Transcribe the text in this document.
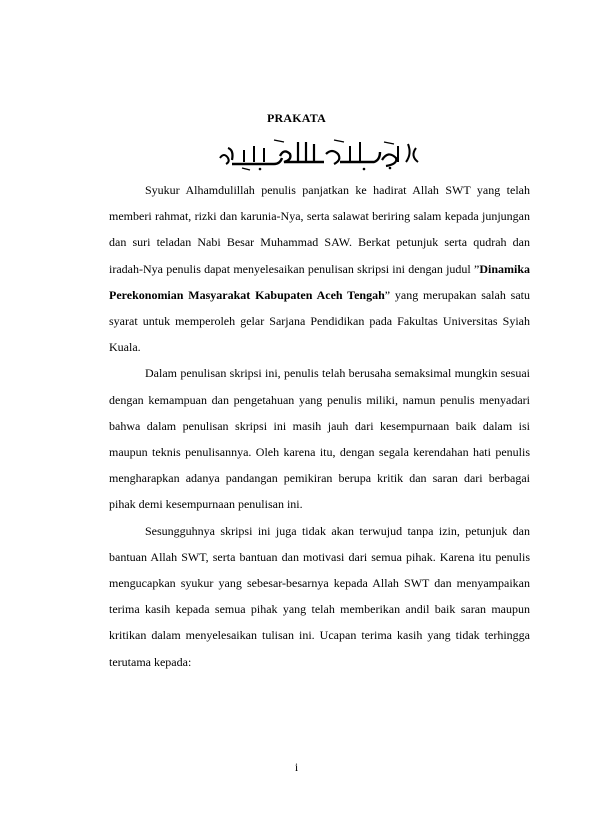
PRAKATA

Syukur Alhamdulillah penulis panjatkan ke hadirat Allah SWT yang telah memberi rahmat, rizki dan karunia-Nya, serta salawat beriring salam kepada junjungan dan suri teladan Nabi Besar Muhammad SAW. Berkat petunjuk serta qudrah dan iradah-Nya penulis dapat menyelesaikan penulisan skripsi ini dengan judul ”Dinamika Perekonomian Masyarakat Kabupaten Aceh Tengah” yang merupakan salah satu syarat untuk memperoleh gelar Sarjana Pendidikan pada Fakultas Universitas Syiah Kuala.

Dalam penulisan skripsi ini, penulis telah berusaha semaksimal mungkin sesuai dengan kemampuan dan pengetahuan yang penulis miliki, namun penulis menyadari bahwa dalam penulisan skripsi ini masih jauh dari kesempurnaan baik dalam isi maupun teknis penulisannya. Oleh karena itu, dengan segala kerendahan hati penulis mengharapkan adanya pandangan pemikiran berupa kritik dan saran dari berbagai pihak demi kesempurnaan penulisan ini.

Sesungguhnya skripsi ini juga tidak akan terwujud tanpa izin, petunjuk dan bantuan Allah SWT, serta bantuan dan motivasi dari semua pihak. Karena itu penulis mengucapkan syukur yang sebesar-besarnya kepada Allah SWT dan menyampaikan terima kasih kepada semua pihak yang telah memberikan andil baik saran maupun kritikan dalam menyelesaikan tulisan ini. Ucapan terima kasih yang tidak terhingga terutama kepada:

i
